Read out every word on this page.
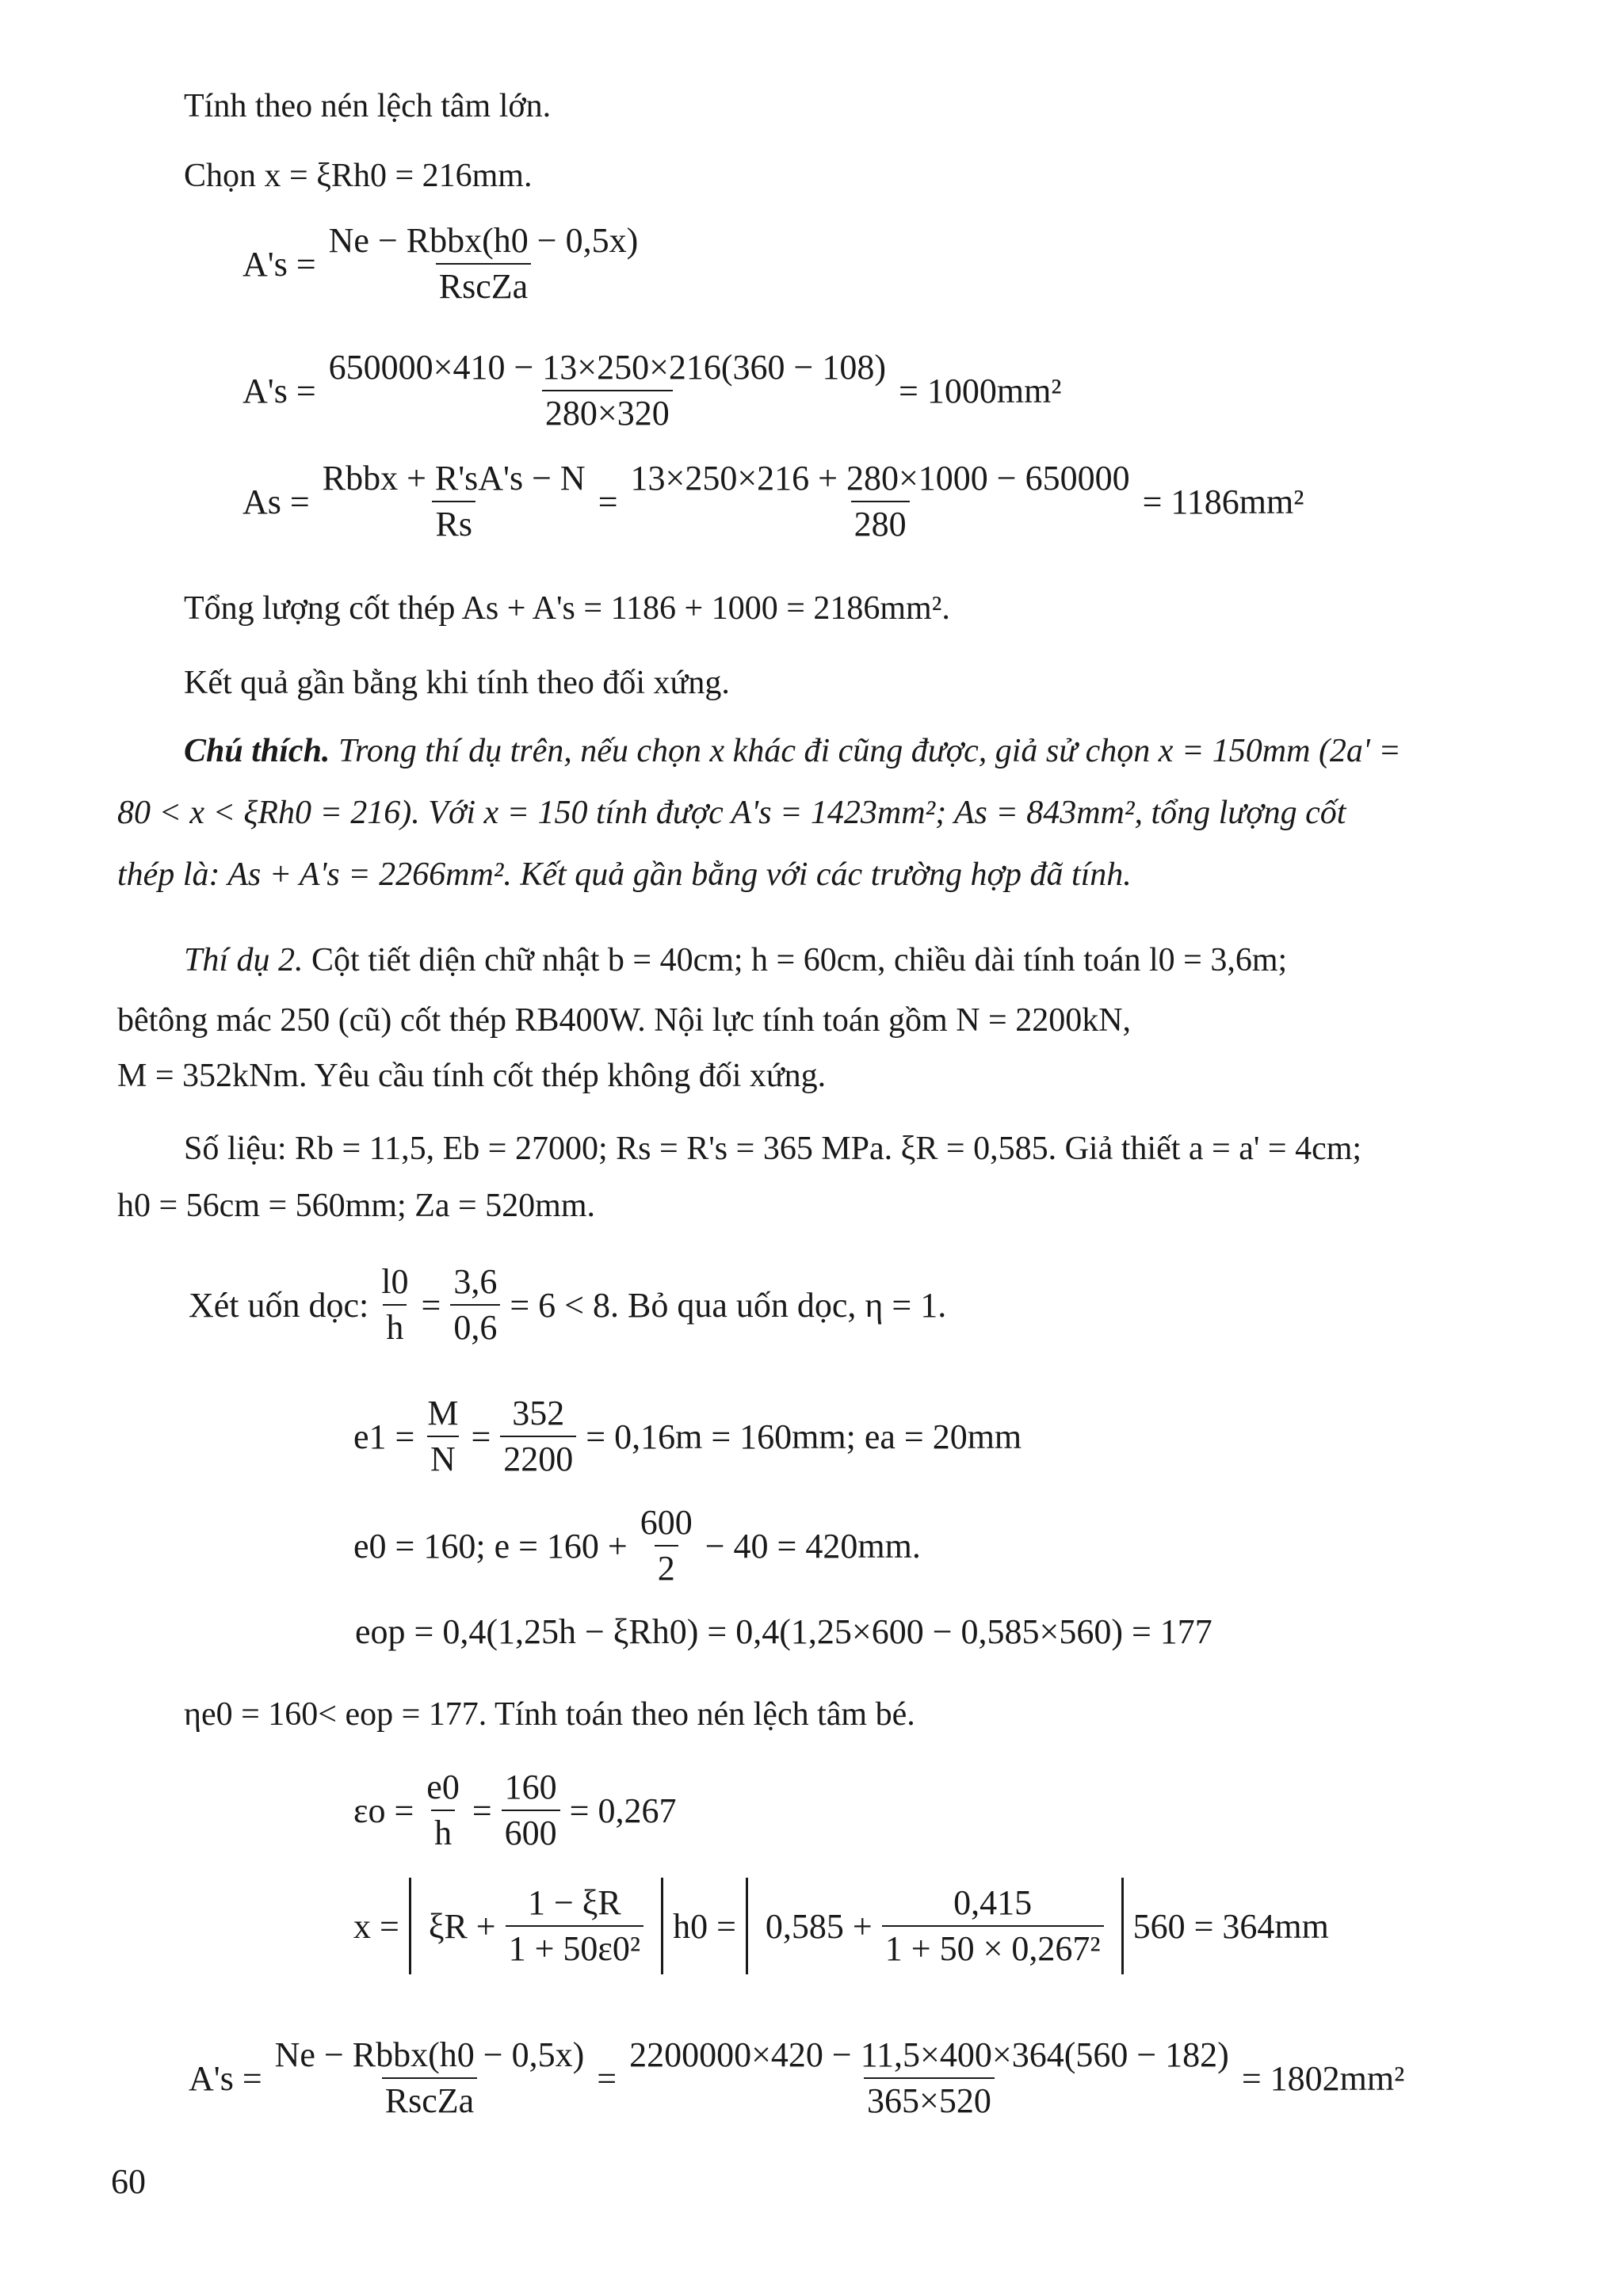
Tính theo nén lệch tâm lớn.
Chọn x = ξRh0 = 216mm.
A's =
Ne − Rbbx(h0 − 0,5x)
RscZa
$A's = \frac{650000\times 410 - 13\times 250\times 216(360 - 108)}{280\times 320} = 1000mm^2$
As =
Rbbx + R'sA's − N
Rs
= $\frac{13\times 250\times 216 + 280\times 1000 - 650000}{280} = 1186mm^2$
Tổng lượng cốt thép As + A's = 1186 + 1000 = 2186mm².
Kết quả gần bằng khi tính theo đối xứng.
Chú thích. Trong thí dụ trên, nếu chọn x khác đi cũng được, giả sử chọn x = 150mm (2a' =
80 < x < ξRh0 = 216). Với x = 150 tính được A's = 1423mm²; As = 843mm², tổng lượng cốt
thép là: As + A's = 2266mm². Kết quả gần bằng với các trường hợp đã tính.
Thí dụ 2. Cột tiết diện chữ nhật b = 40cm; h = 60cm, chiều dài tính toán l0 = 3,6m;
bêtông mác 250 (cũ) cốt thép RB400W. Nội lực tính toán gồm N = 2200kN,
M = 352kNm. Yêu cầu tính cốt thép không đối xứng.
Số liệu: Rb = 11,5, Eb = 27000; Rs = R's = 365 MPa. ξR = 0,585. Giả thiết a = a' = 4cm;
h0 = 56cm = 560mm; Za = 520mm.
Xét uốn dọc: $\frac{l0}{h} = \frac{3,6}{0,6} = 6 < 8$. Bỏ qua uốn dọc, η = 1.
$e1 = \frac{M}{N} = \frac{352}{2200} = 0,16m = 160mm$; ea = 20mm
e0 = 160; $e = 160 + \frac{600}{2} - 40 = 420mm$.
eop = 0,4(1,25h − ξRh0) = 0,4(1,25×600 − 0,585×560) = 177
ηe0 = 160< eop = 177. Tính toán theo nén lệch tâm bé.
$\varepsilon o = \frac{e0}{h} = \frac{160}{600} = 0,267$
$x = \xi R + \frac{1 - \xi R}{\text{1 + 50ε0²}} h0 = 0,585 + \frac{0,415}{\text{1 + 50 × 0,267²}} 560 = 364mm$
A's =
Ne − Rbbx(h0 − 0,5x)
RscZa
= $\frac{2200000\times 420 - 11,5\times 400\times 364(560 - 182)}{365\times 520} = 1802mm^2$
60
